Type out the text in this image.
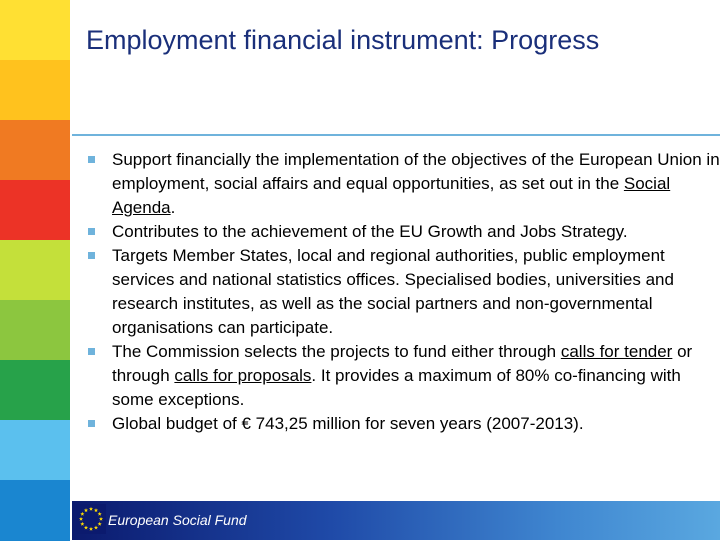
Employment financial instrument: Progress
Support financially the implementation of the objectives of the European Union in employment, social affairs and equal opportunities, as set out in the Social Agenda.
Contributes to the achievement of the EU Growth and Jobs Strategy.
Targets Member States, local and regional authorities, public employment services and national statistics offices. Specialised bodies, universities and research institutes, as well as the social partners and non-governmental organisations can participate.
The Commission selects the projects to fund either through calls for tender or through calls for proposals. It provides a maximum of 80% co-financing with some exceptions.
Global budget of € 743,25 million for seven years (2007-2013).
European Social Fund
